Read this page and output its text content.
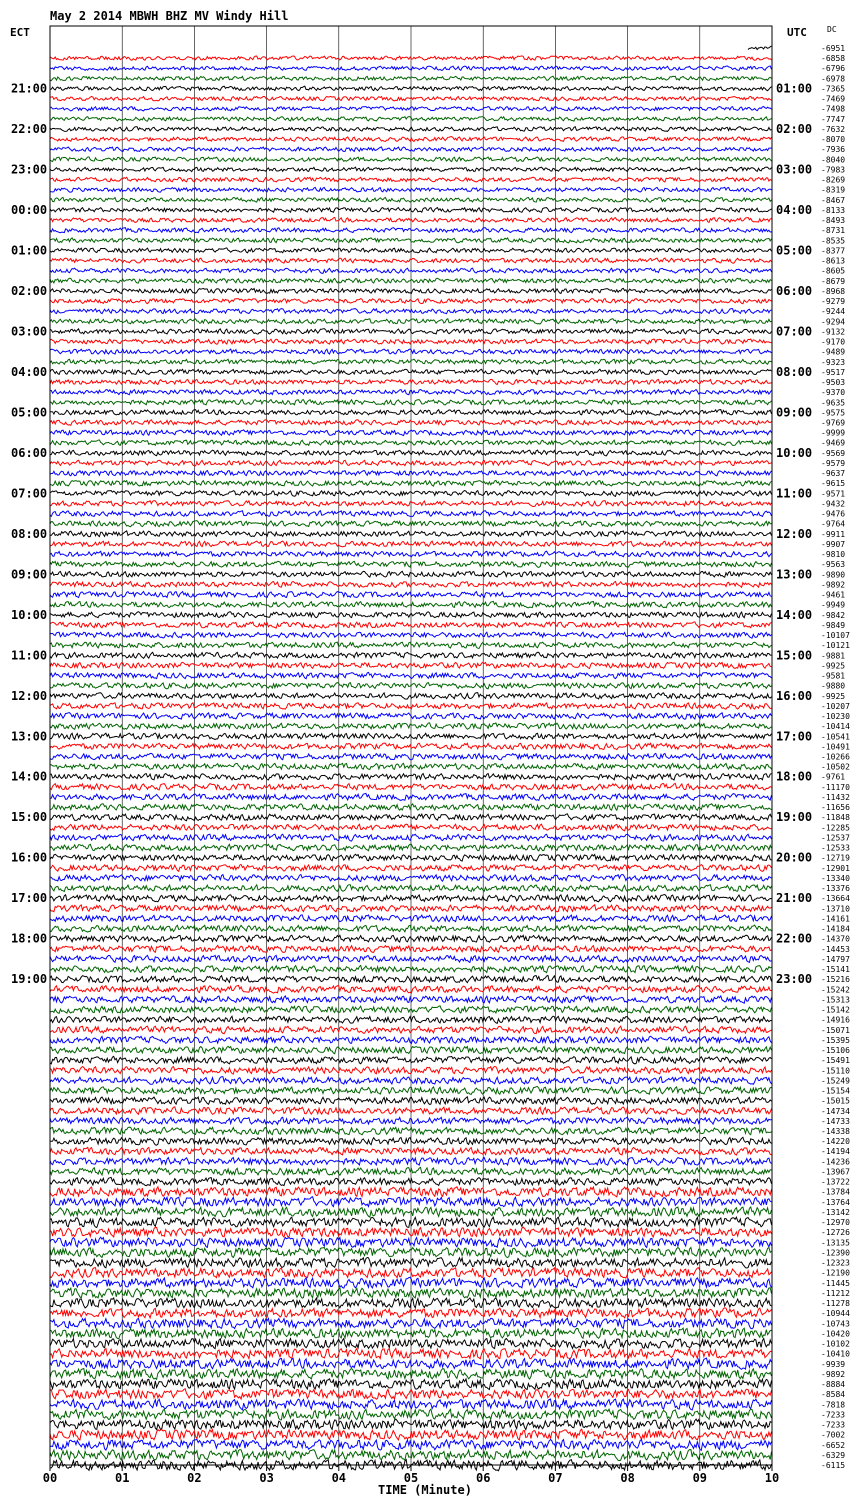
21:00
22:00
23:00
00:00
01:00
02:00
03:00
04:00
05:00
06:00
07:00
08:00
09:00
10:00
11:00
12:00
13:00
14:00
15:00
16:00
17:00
18:00
19:00
01:00
02:00
03:00
04:00
05:00
06:00
07:00
08:00
09:00
10:00
11:00
12:00
13:00
14:00
15:00
16:00
17:00
18:00
19:00
20:00
21:00
22:00
23:00
-6951
-6858
-6796
-6978
-7365
-7469
-7498
-7747
-7632
-8070
-7936
-8040
-7983
-8269
-8319
-8467
-8133
-8493
-8731
-8535
-8377
-8613
-8605
-8679
-8968
-9279
-9244
-9294
-9132
-9170
-9489
-9323
-9517
-9503
-9370
-9635
-9575
-9769
-9999
-9469
-9569
-9579
-9637
-9615
-9571
-9432
-9476
-9764
-9911
-9907
-9810
-9563
-9890
-9892
-9461
-9949
-9842
-9849
-10107
-10121
-9881
-9925
-9581
-9880
-9925
-10207
-10230
-10414
-10541
-10491
-10266
-10502
-9761
-11170
-11432
-11656
-11848
-12285
-12537
-12533
-12719
-12901
-13340
-13376
-13664
-13710
-14161
-14184
-14370
-14453
-14797
-15141
-15216
-15242
-15313
-15142
-14916
-15071
-15395
-15106
-15491
-15110
-15249
-15154
-15015
-14734
-14733
-14338
-14220
-14194
-14236
-13967
-13722
-13784
-13764
-13142
-12970
-12726
-13135
-12390
-12323
-12190
-11445
-11212
-11278
-10944
-10743
-10420
-10102
-10410
-9939
-9892
-8884
-8584
-7818
-7233
-7233
-7002
-6652
-6329
-6115
00	01	02	03	04	05	06	07	08	09	10
May 2 2014 MBWH BHZ MV Windy Hill
ECT	UTC	DC
TIME (Minute)
